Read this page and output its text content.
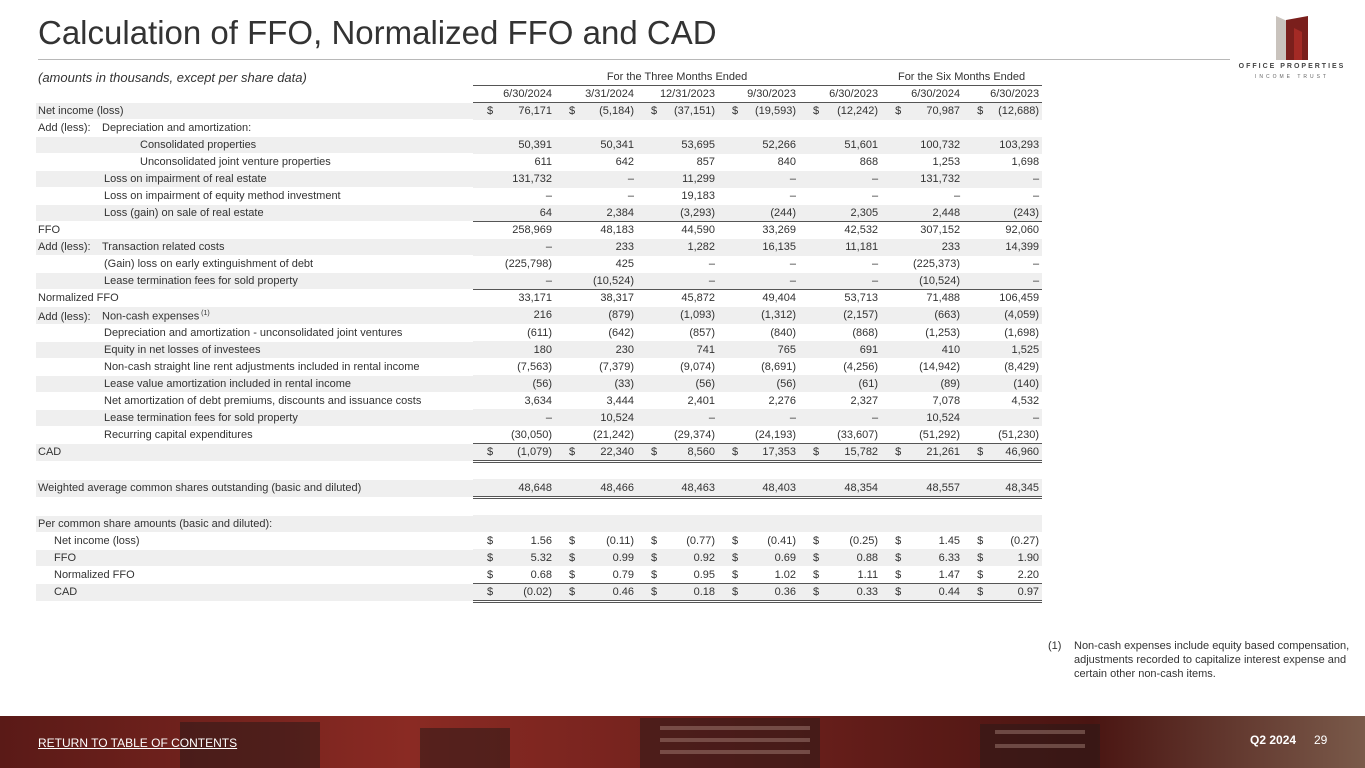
Calculation of FFO, Normalized FFO and CAD
OFFICE PROPERTIES
INCOME TRUST
(amounts in thousands, except per share data)
		For the Three Months Ended					For the Six Months Ended	
	6/30/2024	3/31/2024	12/31/2023	9/30/2023	6/30/2023	6/30/2024	6/30/2023
Net income (loss)	$ 76,171	$ (5,184)	$ (37,151)	$ (19,593)	$ (12,242)	$ 70,987	$ (12,688)
Add (less): Depreciation and amortization:							
Consolidated properties	50,391	50,341	53,695	52,266	51,601	100,732	103,293
Unconsolidated joint venture properties	611	642	857	840	868	1,253	1,698
Loss on impairment of real estate	131,732	–	11,299	–	–	131,732	–
Loss on impairment of equity method investment	–	–	19,183	–	–	–	–
Loss (gain) on sale of real estate	64	2,384	(3,293)	(244)	2,305	2,448	(243)
FFO	258,969	48,183	44,590	33,269	42,532	307,152	92,060
Add (less): Transaction related costs	–	233	1,282	16,135	11,181	233	14,399
(Gain) loss on early extinguishment of debt	(225,798)	425	–	–	–	(225,373)	–
Lease termination fees for sold property	–	(10,524)	–	–	–	(10,524)	–
Normalized FFO	33,171	38,317	45,872	49,404	53,713	71,488	106,459
Add (less): Non-cash expenses $^{(1)}$	216	(879)	(1,093)	(1,312)	(2,157)	(663)	(4,059)
Depreciation and amortization - unconsolidated joint ventures	(611)	(642)	(857)	(840)	(868)	(1,253)	(1,698)
Equity in net losses of investees	180	230	741	765	691	410	1,525
Non-cash straight line rent adjustments included in rental income	(7,563)	(7,379)	(9,074)	(8,691)	(4,256)	(14,942)	(8,429)
Lease value amortization included in rental income	(56)	(33)	(56)	(56)	(61)	(89)	(140)
Net amortization of debt premiums, discounts and issuance costs	3,634	3,444	2,401	2,276	2,327	7,078	4,532
Lease termination fees for sold property	–	10,524	–	–	–	10,524	–
Recurring capital expenditures	(30,050)	(21,242)	(29,374)	(24,193)	(33,607)	(51,292)	(51,230)
CAD	$ (1,079)	$ 22,340	$ 8,560	$ 17,353	$ 15,782	$ 21,261	$ 46,960

Weighted average common shares outstanding (basic and diluted)	48,648	48,466	48,463	48,403	48,354	48,557	48,345

Per common share amounts (basic and diluted):							
Net income (loss)	$ 1.56	$ (0.11)	$ (0.77)	$ (0.41)	$ (0.25)	$ 1.45	$ (0.27)
FFO	$ 5.32	$ 0.99	$ 0.92	$ 0.69	$ 0.88	$ 6.33	$ 1.90
Normalized FFO	$ 0.68	$ 0.79	$ 0.95	$ 1.02	$ 1.11	$ 1.47	$ 2.20
CAD	$ (0.02)	$ 0.46	$ 0.18	$ 0.36	$ 0.33	$ 0.44	$ 0.97
(1) Non-cash expenses include equity based compensation, adjustments recorded to capitalize interest expense and certain other non-cash items.
RETURN TO TABLE OF CONTENTS	Q2 2024 29
